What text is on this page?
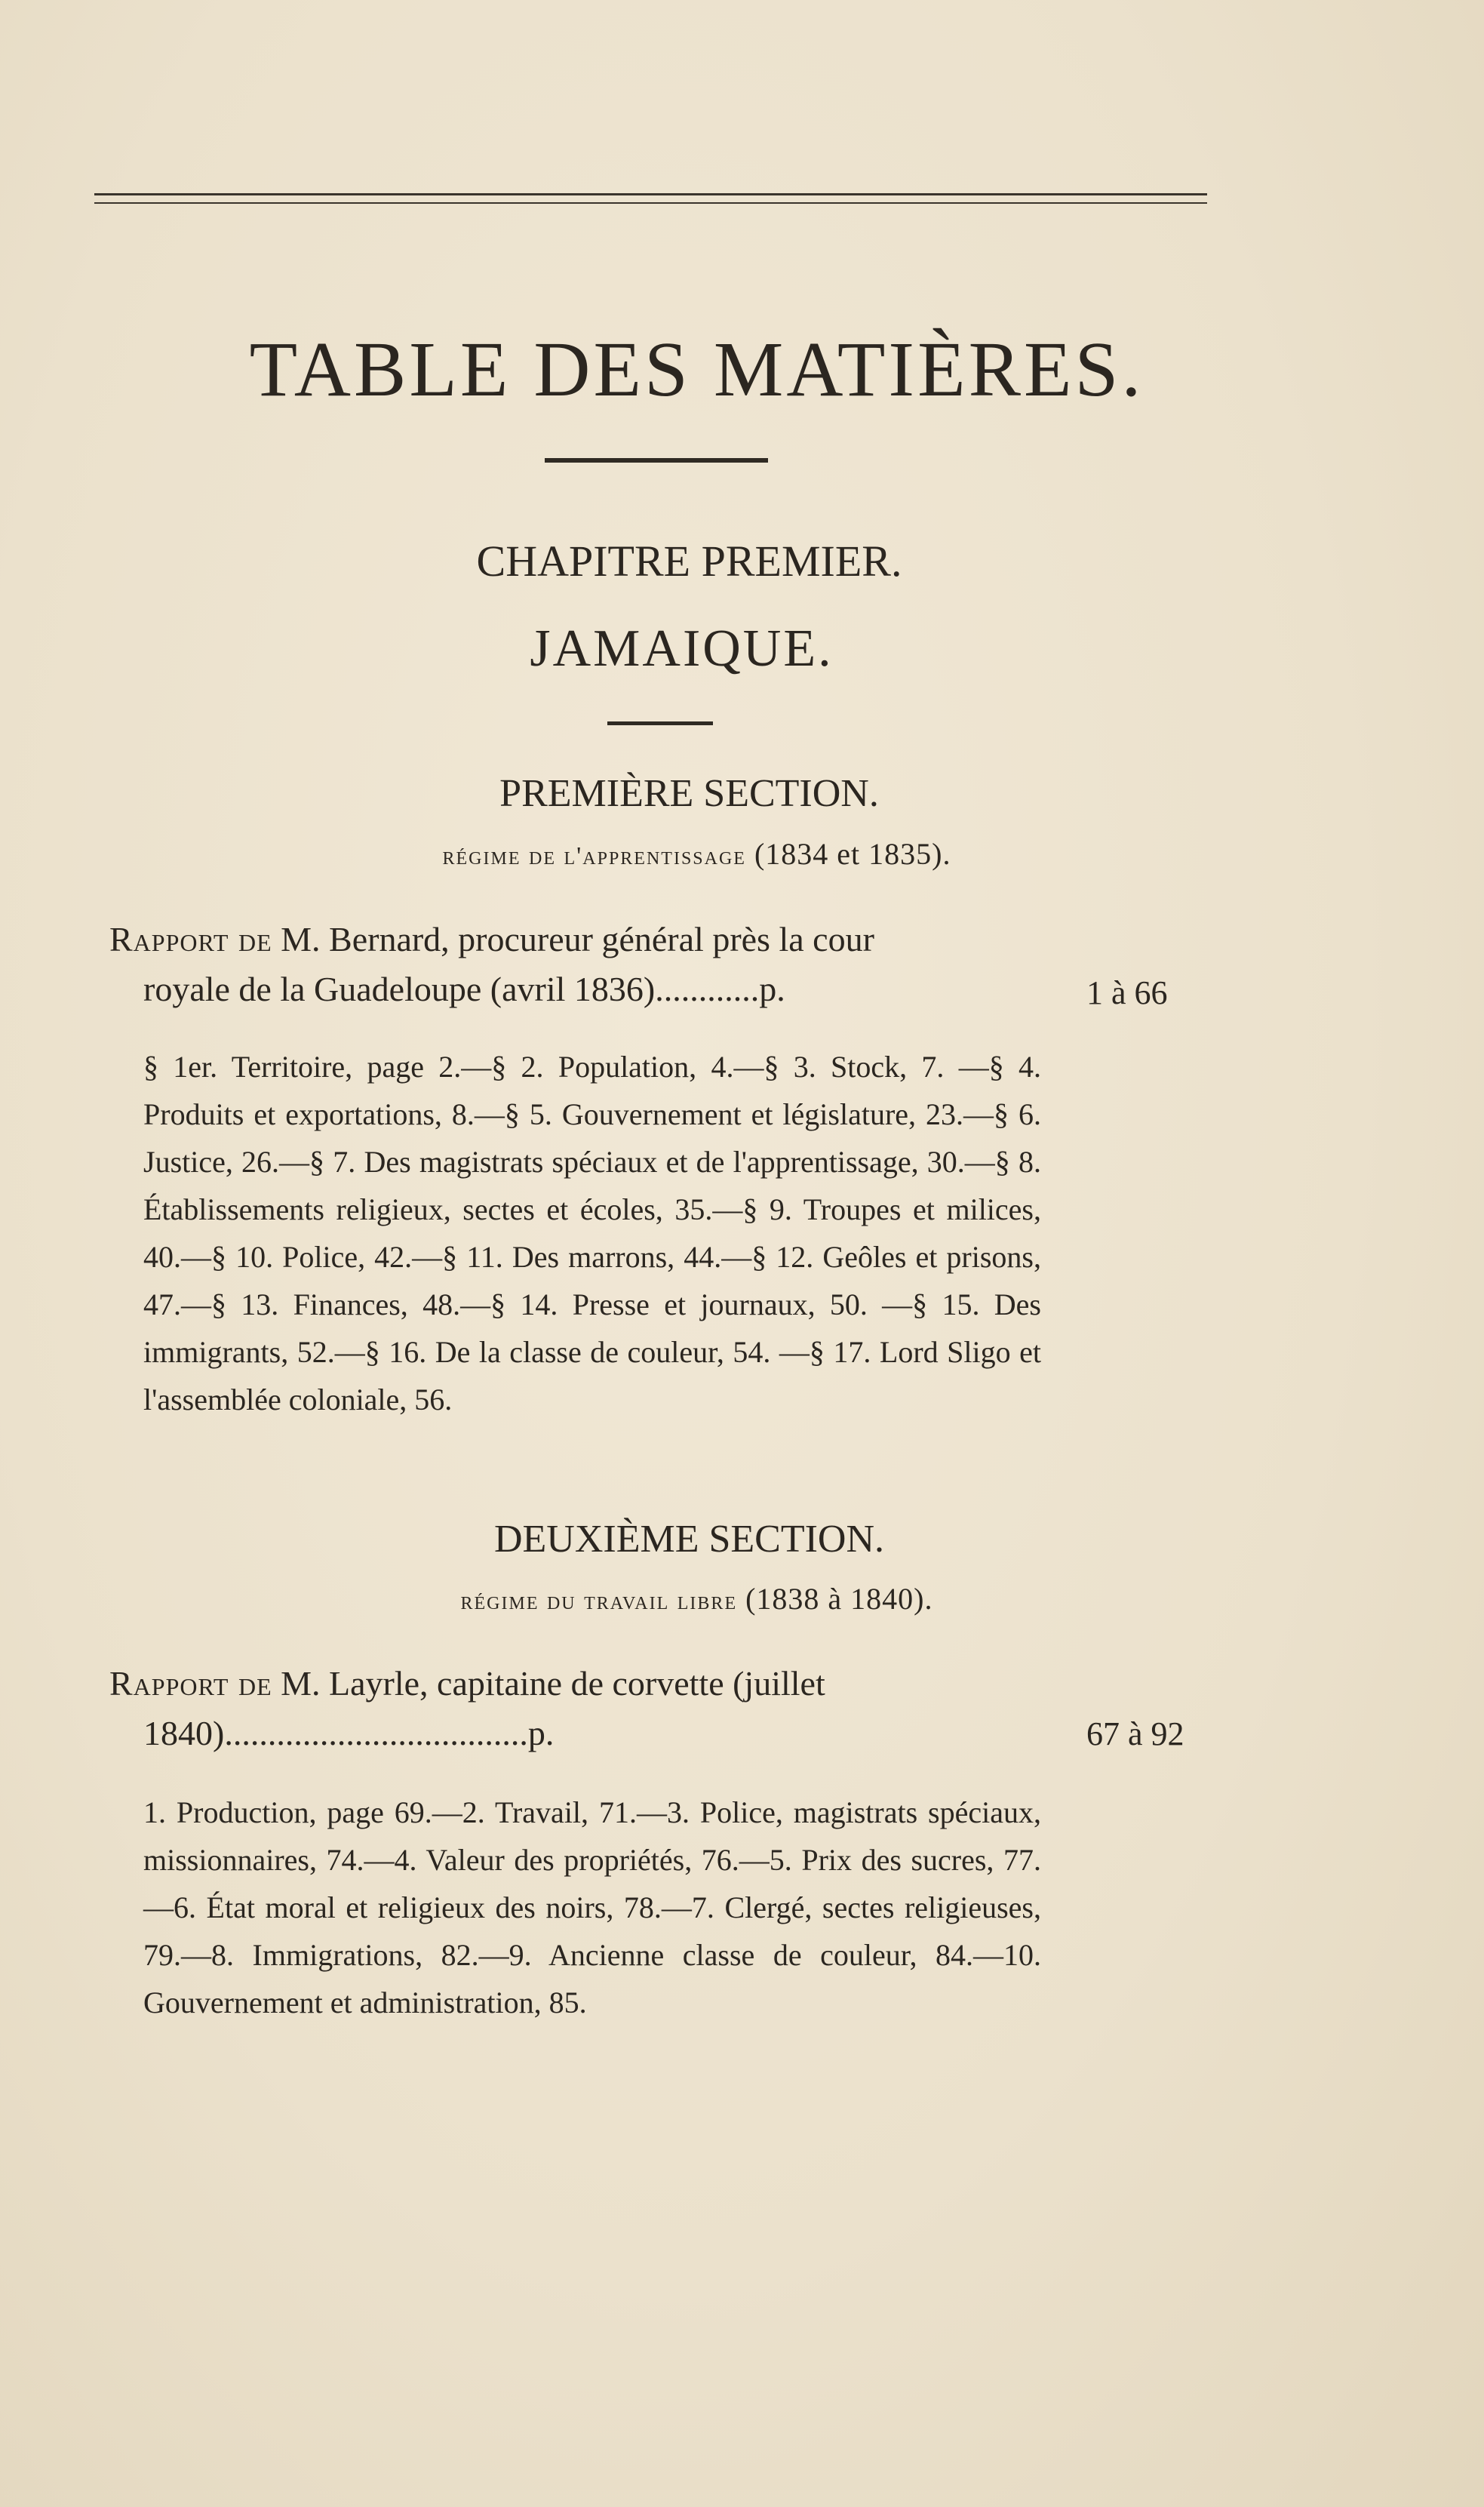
TABLE DES MATIÈRES.
CHAPITRE PREMIER.
JAMAIQUE.
PREMIÈRE SECTION.
régime de l'apprentissage (1834 et 1835).
Rapport de M. Bernard, procureur général près la cour
royale de la Guadeloupe (avril 1836)............p.	1 à 66
§ 1er. Territoire, page 2.—§ 2. Population, 4.—§ 3. Stock, 7. —§ 4. Produits et exportations, 8.—§ 5. Gouvernement et législature, 23.—§ 6. Justice, 26.—§ 7. Des magistrats spéciaux et de l'apprentissage, 30.—§ 8. Établissements religieux, sectes et écoles, 35.—§ 9. Troupes et milices, 40.—§ 10. Police, 42.—§ 11. Des marrons, 44.—§ 12. Geôles et prisons, 47.—§ 13. Finances, 48.—§ 14. Presse et journaux, 50. —§ 15. Des immigrants, 52.—§ 16. De la classe de couleur, 54. —§ 17. Lord Sligo et l'assemblée coloniale, 56.
DEUXIÈME SECTION.
régime du travail libre (1838 à 1840).
Rapport de M. Layrle, capitaine de corvette (juillet
1840)...................................p.	67 à 92
1. Production, page 69.—2. Travail, 71.—3. Police, magistrats spéciaux, missionnaires, 74.—4. Valeur des propriétés, 76.—5. Prix des sucres, 77.—6. État moral et religieux des noirs, 78.—7. Clergé, sectes religieuses, 79.—8. Immigrations, 82.—9. Ancienne classe de couleur, 84.—10. Gouvernement et administration, 85.
